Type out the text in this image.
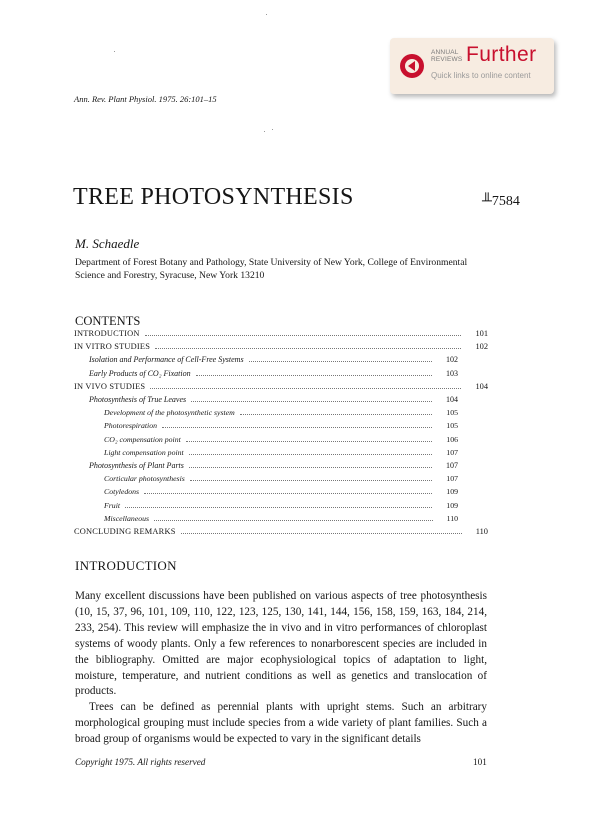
ANNUAL
REVIEWS Further
Quick links to online content
Ann. Rev. Plant Physiol. 1975. 26:101–15
TREE PHOTOSYNTHESIS	╨7584
M. Schaedle
Department of Forest Botany and Pathology, State University of New York, College of Environmental Science and Forestry, Syracuse, New York 13210
CONTENTS
INTRODUCTION	101
IN VITRO STUDIES	102
Isolation and Performance of Cell-Free Systems	102
Early Products of CO₂ Fixation	103
IN VIVO STUDIES	104
Photosynthesis of True Leaves	104
Development of the photosynthetic system	105
Photorespiration	105
CO₂ compensation point	106
Light compensation point	107
Photosynthesis of Plant Parts	107
Corticular photosynthesis	107
Cotyledons	109
Fruit	109
Miscellaneous	110
CONCLUDING REMARKS	110
INTRODUCTION

Many excellent discussions have been published on various aspects of tree photosynthesis (10, 15, 37, 96, 101, 109, 110, 122, 123, 125, 130, 141, 144, 156, 158, 159, 163, 184, 214, 233, 254). This review will emphasize the in vivo and in vitro performances of chloroplast systems of woody plants. Only a few references to nonarborescent species are included in the bibliography. Omitted are major ecophysiological topics of adaptation to light, moisture, temperature, and nutrient conditions as well as genetics and translocation of products.

Trees can be defined as perennial plants with upright stems. Such an arbitrary morphological grouping must include species from a wide variety of plant families. Such a broad group of organisms would be expected to vary in the significant details

Copyright 1975. All rights reserved	101
